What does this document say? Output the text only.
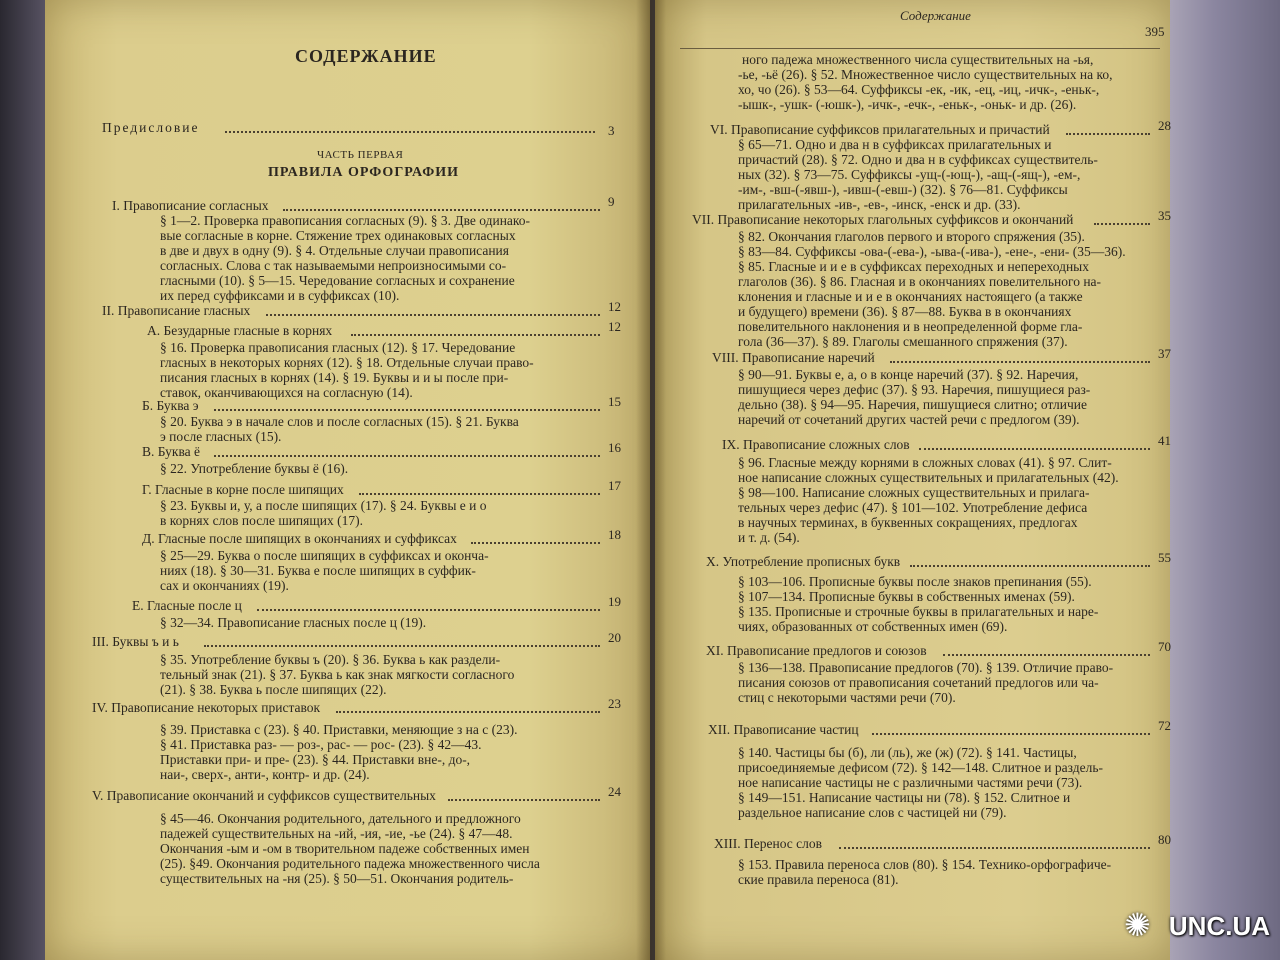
СОДЕРЖАНИЕ
Предисловие	3
ЧАСТЬ ПЕРВАЯ
ПРАВИЛА ОРФОГРАФИИ
I. Правописание согласных	9
§ 1—2. Проверка правописания согласных (9). § 3. Две одинако-
вые согласные в корне. Стяжение трех одинаковых согласных
в две и двух в одну (9). § 4. Отдельные случаи правописания
согласных. Слова с так называемыми непроизносимыми со-
гласными (10). § 5—15. Чередование согласных и сохранение
их перед суффиксами и в суффиксах (10).
II. Правописание гласных	12
А. Безударные гласные в корнях	12
§ 16. Проверка правописания гласных (12). § 17. Чередование
гласных в некоторых корнях (12). § 18. Отдельные случаи право-
писания гласных в корнях (14). § 19. Буквы и и ы после при-
ставок, оканчивающихся на согласную (14).
Б. Буква э	15
§ 20. Буква э в начале слов и после согласных (15). § 21. Буква
э после гласных (15).
В. Буква ё	16
§ 22. Употребление буквы ё (16).
Г. Гласные в корне после шипящих	17
§ 23. Буквы и, у, а после шипящих (17). § 24. Буквы е и о
в корнях слов после шипящих (17).
Д. Гласные после шипящих в окончаниях и суффиксах	18
§ 25—29. Буква о после шипящих в суффиксах и оконча-
ниях (18). § 30—31. Буква е после шипящих в суффик-
сах и окончаниях (19).
Е. Гласные после ц	19
§ 32—34. Правописание гласных после ц (19).
III. Буквы ъ и ь	20
§ 35. Употребление буквы ъ (20). § 36. Буква ь как раздели-
тельный знак (21). § 37. Буква ь как знак мягкости согласного
(21). § 38. Буква ь после шипящих (22).
IV. Правописание некоторых приставок	23
§ 39. Приставка с (23). § 40. Приставки, меняющие з на с (23).
§ 41. Приставка раз- — роз-, рас- — рос- (23). § 42—43.
Приставки при- и пре- (23). § 44. Приставки вне-, до-,
наи-, сверх-, анти-, контр- и др. (24).
V. Правописание окончаний и суффиксов существительных	24
§ 45—46. Окончания родительного, дательного и предложного
падежей существительных на -ий, -ия, -ие, -ье (24). § 47—48.
Окончания -ым и -ом в творительном падеже собственных имен
(25). §49. Окончания родительного падежа множественного числа
существительных на -ня (25). § 50—51. Окончания родитель-
Содержание
395
ного падежа множественного числа существительных на -ья,
-ье, -ьё (26). § 52. Множественное число существительных на ко,
хо, чо (26). § 53—64. Суффиксы -ек, -ик, -ец, -иц, -ичк-, -еньк-,
-ышк-, -ушк- (-юшк-), -ичк-, -ечк-, -еньк-, -оньк- и др. (26).
VI. Правописание суффиксов прилагательных и причастий	28
§ 65—71. Одно и два н в суффиксах прилагательных и
причастий (28). § 72. Одно и два н в суффиксах существитель-
ных (32). § 73—75. Суффиксы -ущ-(-ющ-), -ащ-(-ящ-), -ем-,
-им-, -вш-(-явш-), -ивш-(-евш-) (32). § 76—81. Суффиксы
прилагательных -ив-, -ев-, -инск, -енск и др. (33).
VII. Правописание некоторых глагольных суффиксов и окончаний	35
§ 82. Окончания глаголов первого и второго спряжения (35).
§ 83—84. Суффиксы -ова-(-ева-), -ыва-(-ива-), -ене-, -ени- (35—36).
§ 85. Гласные и и е в суффиксах переходных и непереходных
глаголов (36). § 86. Гласная и в окончаниях повелительного на-
клонения и гласные и и е в окончаниях настоящего (а также
и будущего) времени (36). § 87—88. Буква в в окончаниях
повелительного наклонения и в неопределенной форме гла-
гола (36—37). § 89. Глаголы смешанного спряжения (37).
VIII. Правописание наречий	37
§ 90—91. Буквы е, а, о в конце наречий (37). § 92. Наречия,
пишущиеся через дефис (37). § 93. Наречия, пишущиеся раз-
дельно (38). § 94—95. Наречия, пишущиеся слитно; отличие
наречий от сочетаний других частей речи с предлогом (39).
IX. Правописание сложных слов	41
§ 96. Гласные между корнями в сложных словах (41). § 97. Слит-
ное написание сложных существительных и прилагательных (42).
§ 98—100. Написание сложных существительных и прилага-
тельных через дефис (47). § 101—102. Употребление дефиса
в научных терминах, в буквенных сокращениях, предлогах
и т. д. (54).
X. Употребление прописных букв	55
§ 103—106. Прописные буквы после знаков препинания (55).
§ 107—134. Прописные буквы в собственных именах (59).
§ 135. Прописные и строчные буквы в прилагательных и наре-
чиях, образованных от собственных имен (69).
XI. Правописание предлогов и союзов	70
§ 136—138. Правописание предлогов (70). § 139. Отличие право-
писания союзов от правописания сочетаний предлогов или ча-
стиц с некоторыми частями речи (70).
XII. Правописание частиц	72
§ 140. Частицы бы (б), ли (ль), же (ж) (72). § 141. Частицы,
присоединяемые дефисом (72). § 142—148. Слитное и раздель-
ное написание частицы не с различными частями речи (73).
§ 149—151. Написание частицы ни (78). § 152. Слитное и
раздельное написание слов с частицей ни (79).
XIII. Перенос слов	80
§ 153. Правила переноса слов (80). § 154. Технико-орфографиче-
ские правила переноса (81).
✺ UNC.UA
